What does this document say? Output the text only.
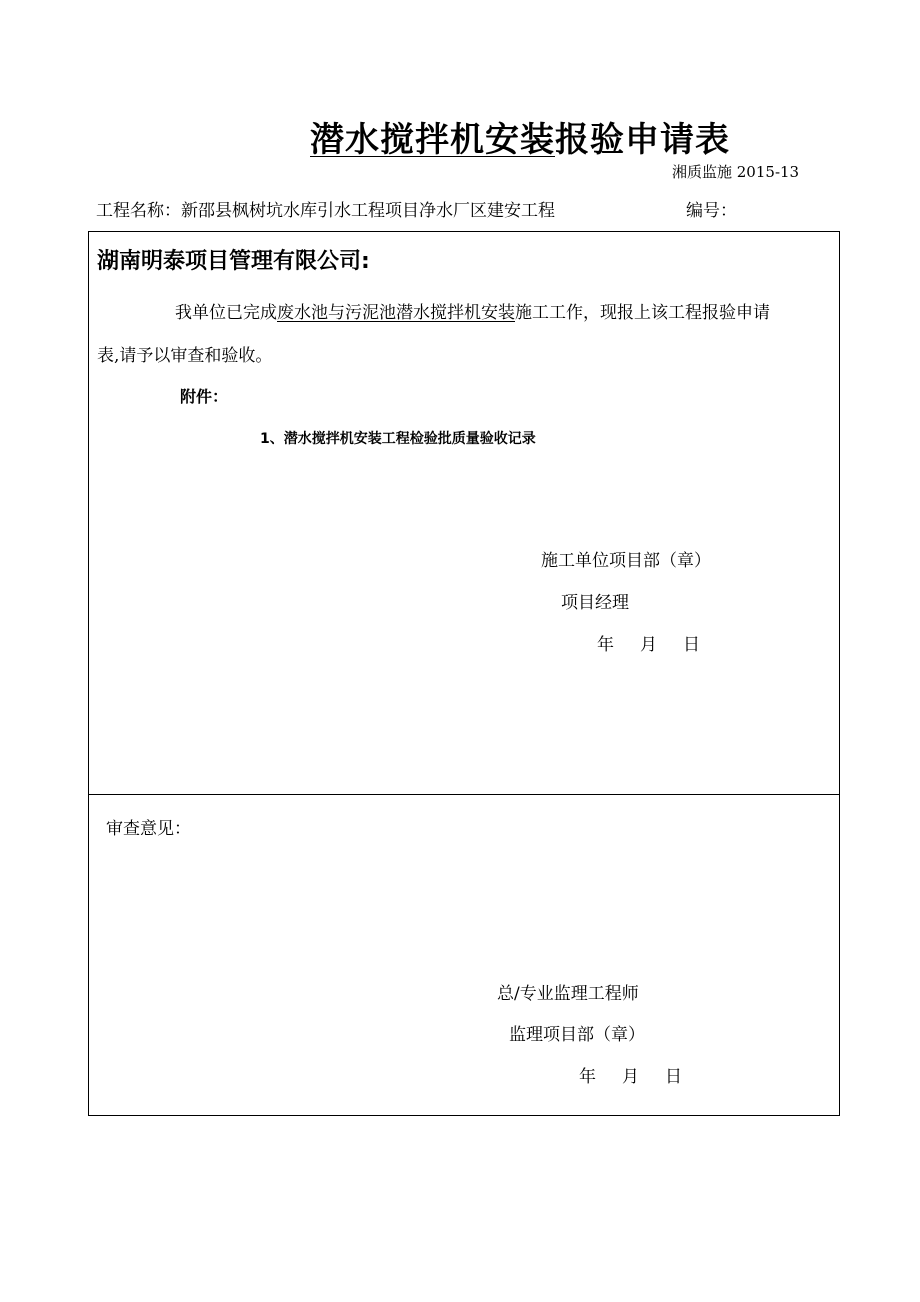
潜水搅拌机安装报验申请表
湘质监施 2015-13
工程名称：新邵县枫树坑水库引水工程项目净水厂区建安工程	编号：
湖南明泰项目管理有限公司:
我单位已完成废水池与污泥池潜水搅拌机安装施工工作，现报上该工程报验申请
表,请予以审查和验收。
附件：
1、潜水搅拌机安装工程检验批质量验收记录
施工单位项目部（章）
项目经理
年 月 日
审查意见：
总/专业监理工程师
监理项目部（章）
年 月 日
